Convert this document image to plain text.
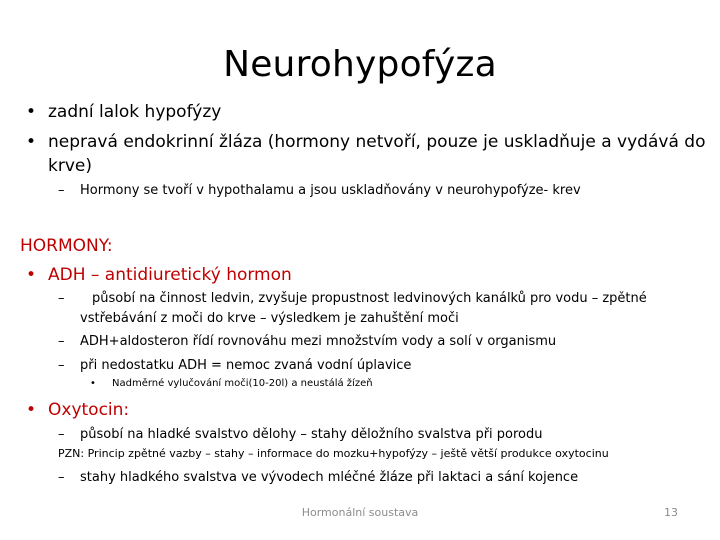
Neurohypofýza
• zadní lalok hypofýzy
• nepravá endokrinní žláza (hormony netvoří, pouze je uskladňuje a vydává do
krve)
– Hormony se tvoří v hypothalamu a jsou uskladňovány v neurohypofýze- krev
HORMONY:
• ADH – antidiuretický hormon
– působí na činnost ledvin, zvyšuje propustnost ledvinových kanálků pro vodu – zpětné
vstřebávání z moči do krve – výsledkem je zahuštění moči
– ADH+aldosteron řídí rovnováhu mezi množstvím vody a solí v organismu
– při nedostatku ADH = nemoc zvaná vodní úplavice
• Nadměrné vylučování moči(10-20l) a neustálá žízeň
• Oxytocin:
– působí na hladké svalstvo dělohy – stahy děložního svalstva při porodu
PZN: Princip zpětné vazby – stahy – informace do mozku+hypofýzy – ještě větší produkce oxytocinu
– stahy hladkého svalstva ve vývodech mléčné žláze při laktaci a sání kojence
Hormonální soustava	13
